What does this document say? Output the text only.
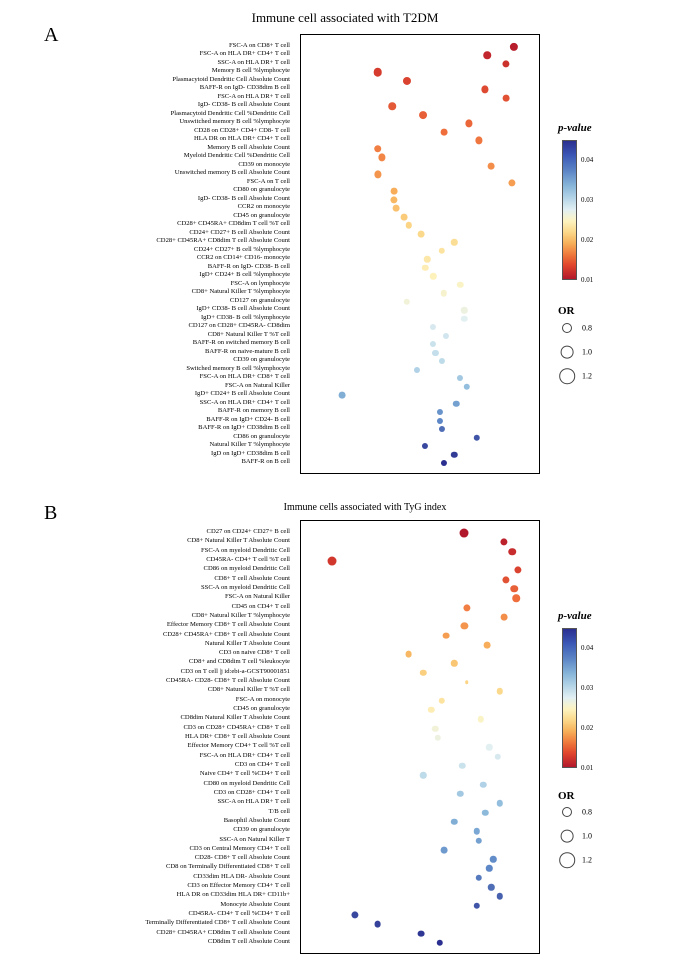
A
Immune cell associated with T2DM
FSC-A on CD8+ T cell
FSC-A on HLA DR+ CD4+ T cell
SSC-A on HLA DR+ T cell
Memory B cell %lymphocyte
Plasmacytoid Dendritic Cell Absolute Count
BAFF-R on IgD- CD38dim B cell
FSC-A on HLA DR+ T cell
IgD- CD38- B cell Absolute Count
Plasmacytoid Dendritic Cell %Dendritic Cell
Unswitched memory B cell %lymphocyte
CD28 on CD28+ CD4+ CD8- T cell
HLA DR on HLA DR+ CD4+ T cell
Memory B cell Absolute Count
Myeloid Dendritic Cell %Dendritic Cell
CD39 on monocyte
Unswitched memory B cell Absolute Count
FSC-A on T cell
CD80 on granulocyte
IgD- CD38- B cell Absolute Count
CCR2 on monocyte
CD45 on granulocyte
CD28+ CD45RA+ CD8dim T cell %T cell
CD24+ CD27+ B cell Absolute Count
CD28+ CD45RA+ CD8dim T cell Absolute Count
CD24+ CD27+ B cell %lymphocyte
CCR2 on CD14+ CD16- monocyte
BAFF-R on IgD- CD38- B cell
IgD+ CD24+ B cell %lymphocyte
FSC-A on lymphocyte
CD8+ Natural Killer T %lymphocyte
CD127 on granulocyte
IgD+ CD38- B cell Absolute Count
IgD+ CD38- B cell %lymphocyte
CD127 on CD28+ CD45RA- CD8dim
CD8+ Natural Killer T %T cell
BAFF-R on switched memory B cell
BAFF-R on naive-mature B cell
CD39 on granulocyte
Switched memory B cell %lymphocyte
FSC-A on HLA DR+ CD8+ T cell
FSC-A on Natural Killer
IgD+ CD24+ B cell Absolute Count
SSC-A on HLA DR+ CD4+ T cell
BAFF-R on memory B cell
BAFF-R on IgD+ CD24- B cell
BAFF-R on IgD+ CD38dim B cell
CD86 on granulocyte
Natural Killer T %lymphocyte
IgD on IgD+ CD38dim B cell
BAFF-R on B cell
B	Immune cells associated with TyG index
CD27 on CD24+ CD27+ B cell
CD8+ Natural Killer T Absolute Count
FSC-A on myeloid Dendritic Cell
CD45RA- CD4+ T cell %T cell
CD86 on myeloid Dendritic Cell
CD8+ T cell Absolute Count
SSC-A on myeloid Dendritic Cell
FSC-A on Natural Killer
CD45 on CD4+ T cell
CD8+ Natural Killer T %lymphocyte
Effector Memory CD8+ T cell Absolute Count
CD28+ CD45RA+ CD8+ T cell Absolute Count
Natural Killer T Absolute Count
CD3 on naive CD8+ T cell
CD8+ and CD8dim T cell %leukocyte
CD3 on T cell |j id:ebi-a-GCST90001851
CD45RA- CD28- CD8+ T cell Absolute Count
CD8+ Natural Killer T %T cell
FSC-A on monocyte
CD45 on granulocyte
CD8dim Natural Killer T Absolute Count
CD3 on CD28+ CD45RA+ CD8+ T cell
HLA DR+ CD8+ T cell Absolute Count
Effector Memory CD4+ T cell %T cell
FSC-A on HLA DR+ CD4+ T cell
CD3 on CD4+ T cell
Naive CD4+ T cell %CD4+ T cell
CD80 on myeloid Dendritic Cell
CD3 on CD28+ CD4+ T cell
SSC-A on HLA DR+ T cell
T/B cell
Basophil Absolute Count
CD39 on granulocyte
SSC-A on Natural Killer T
CD3 on Central Memory CD4+ T cell
CD28- CD8+ T cell Absolute Count
CD8 on Terminally Differentiated CD8+ T cell
CD33dim HLA DR- Absolute Count
CD3 on Effector Memory CD4+ T cell
HLA DR on CD33dim HLA DR+ CD11b+
Monocyte Absolute Count
CD45RA- CD4+ T cell %CD4+ T cell
Terminally Differentiated CD8+ T cell Absolute Count
CD28+ CD45RA+ CD8dim T cell Absolute Count
CD8dim T cell Absolute Count
p-value
0.04
0.03
0.02
0.01
OR
0.8
1.0
1.2
p-value
0.04
0.03
0.02
0.01
OR
0.8
1.0
1.2
